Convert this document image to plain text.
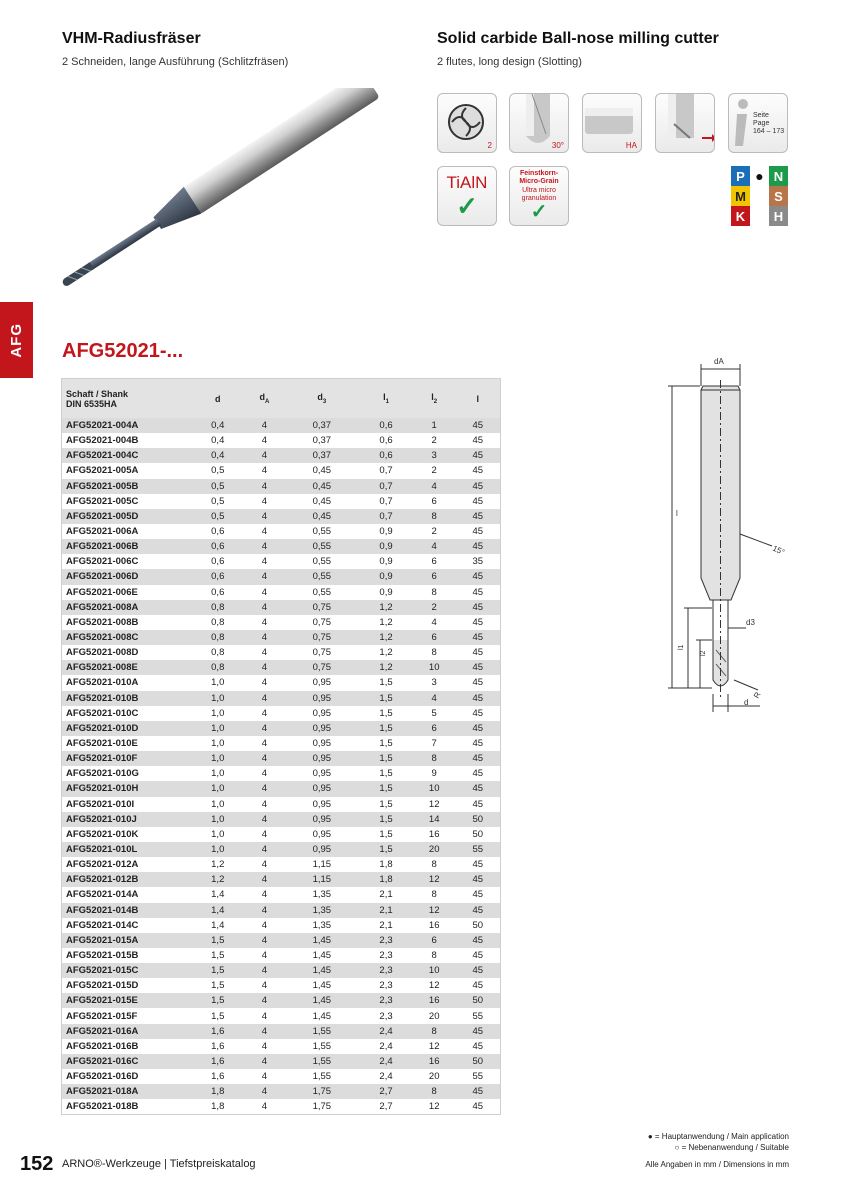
VHM-Radiusfräser
2 Schneiden, lange Ausführung (Schlitzfräsen)
Solid carbide Ball-nose milling cutter
2 flutes, long design (Slotting)
2	30°	HA
Seite Page
164 – 173
TiAlN
✓
Feinstkorn-
Micro-Grain
Ultra micro
granulation
✓
P ● N
M	S
K	H
AFG AFG52021-...
Schaft / Shank
DIN 6535HA	d	$d_A$	$d_3$	$l_1$	$l_2$	l
AFG52021-004A	0,4	4	0,37	0,6	1	45
AFG52021-004B	0,4	4	0,37	0,6	2	45
AFG52021-004C	0,4	4	0,37	0,6	3	45
AFG52021-005A	0,5	4	0,45	0,7	2	45
AFG52021-005B	0,5	4	0,45	0,7	4	45
AFG52021-005C	0,5	4	0,45	0,7	6	45
AFG52021-005D	0,5	4	0,45	0,7	8	45
AFG52021-006A	0,6	4	0,55	0,9	2	45
AFG52021-006B	0,6	4	0,55	0,9	4	45
AFG52021-006C	0,6	4	0,55	0,9	6	35
AFG52021-006D	0,6	4	0,55	0,9	6	45
AFG52021-006E	0,6	4	0,55	0,9	8	45
AFG52021-008A	0,8	4	0,75	1,2	2	45
AFG52021-008B	0,8	4	0,75	1,2	4	45
AFG52021-008C	0,8	4	0,75	1,2	6	45
AFG52021-008D	0,8	4	0,75	1,2	8	45
AFG52021-008E	0,8	4	0,75	1,2	10	45
AFG52021-010A	1,0	4	0,95	1,5	3	45
AFG52021-010B	1,0	4	0,95	1,5	4	45
AFG52021-010C	1,0	4	0,95	1,5	5	45
AFG52021-010D	1,0	4	0,95	1,5	6	45
AFG52021-010E	1,0	4	0,95	1,5	7	45
AFG52021-010F	1,0	4	0,95	1,5	8	45
AFG52021-010G	1,0	4	0,95	1,5	9	45
AFG52021-010H	1,0	4	0,95	1,5	10	45
AFG52021-010I	1,0	4	0,95	1,5	12	45
AFG52021-010J	1,0	4	0,95	1,5	14	50
AFG52021-010K	1,0	4	0,95	1,5	16	50
AFG52021-010L	1,0	4	0,95	1,5	20	55
AFG52021-012A	1,2	4	1,15	1,8	8	45
AFG52021-012B	1,2	4	1,15	1,8	12	45
AFG52021-014A	1,4	4	1,35	2,1	8	45
AFG52021-014B	1,4	4	1,35	2,1	12	45
AFG52021-014C	1,4	4	1,35	2,1	16	50
AFG52021-015A	1,5	4	1,45	2,3	6	45
AFG52021-015B	1,5	4	1,45	2,3	8	45
AFG52021-015C	1,5	4	1,45	2,3	10	45
AFG52021-015D	1,5	4	1,45	2,3	12	45
AFG52021-015E	1,5	4	1,45	2,3	16	50
AFG52021-015F	1,5	4	1,45	2,3	20	55
AFG52021-016A	1,6	4	1,55	2,4	8	45
AFG52021-016B	1,6	4	1,55	2,4	12	45
AFG52021-016C	1,6	4	1,55	2,4	16	50
AFG52021-016D	1,6	4	1,55	2,4	20	55
AFG52021-018A	1,8	4	1,75	2,7	8	45
AFG52021-018B	1,8	4	1,75	2,7	12	45
dA
d3
d
R
15°
l
l1
l2
● = Hauptanwendung / Main application
○ = Nebenanwendung / Suitable
152 ARNO®-Werkzeuge | Tiefstpreiskatalog	Alle Angaben in mm / Dimensions in mm
